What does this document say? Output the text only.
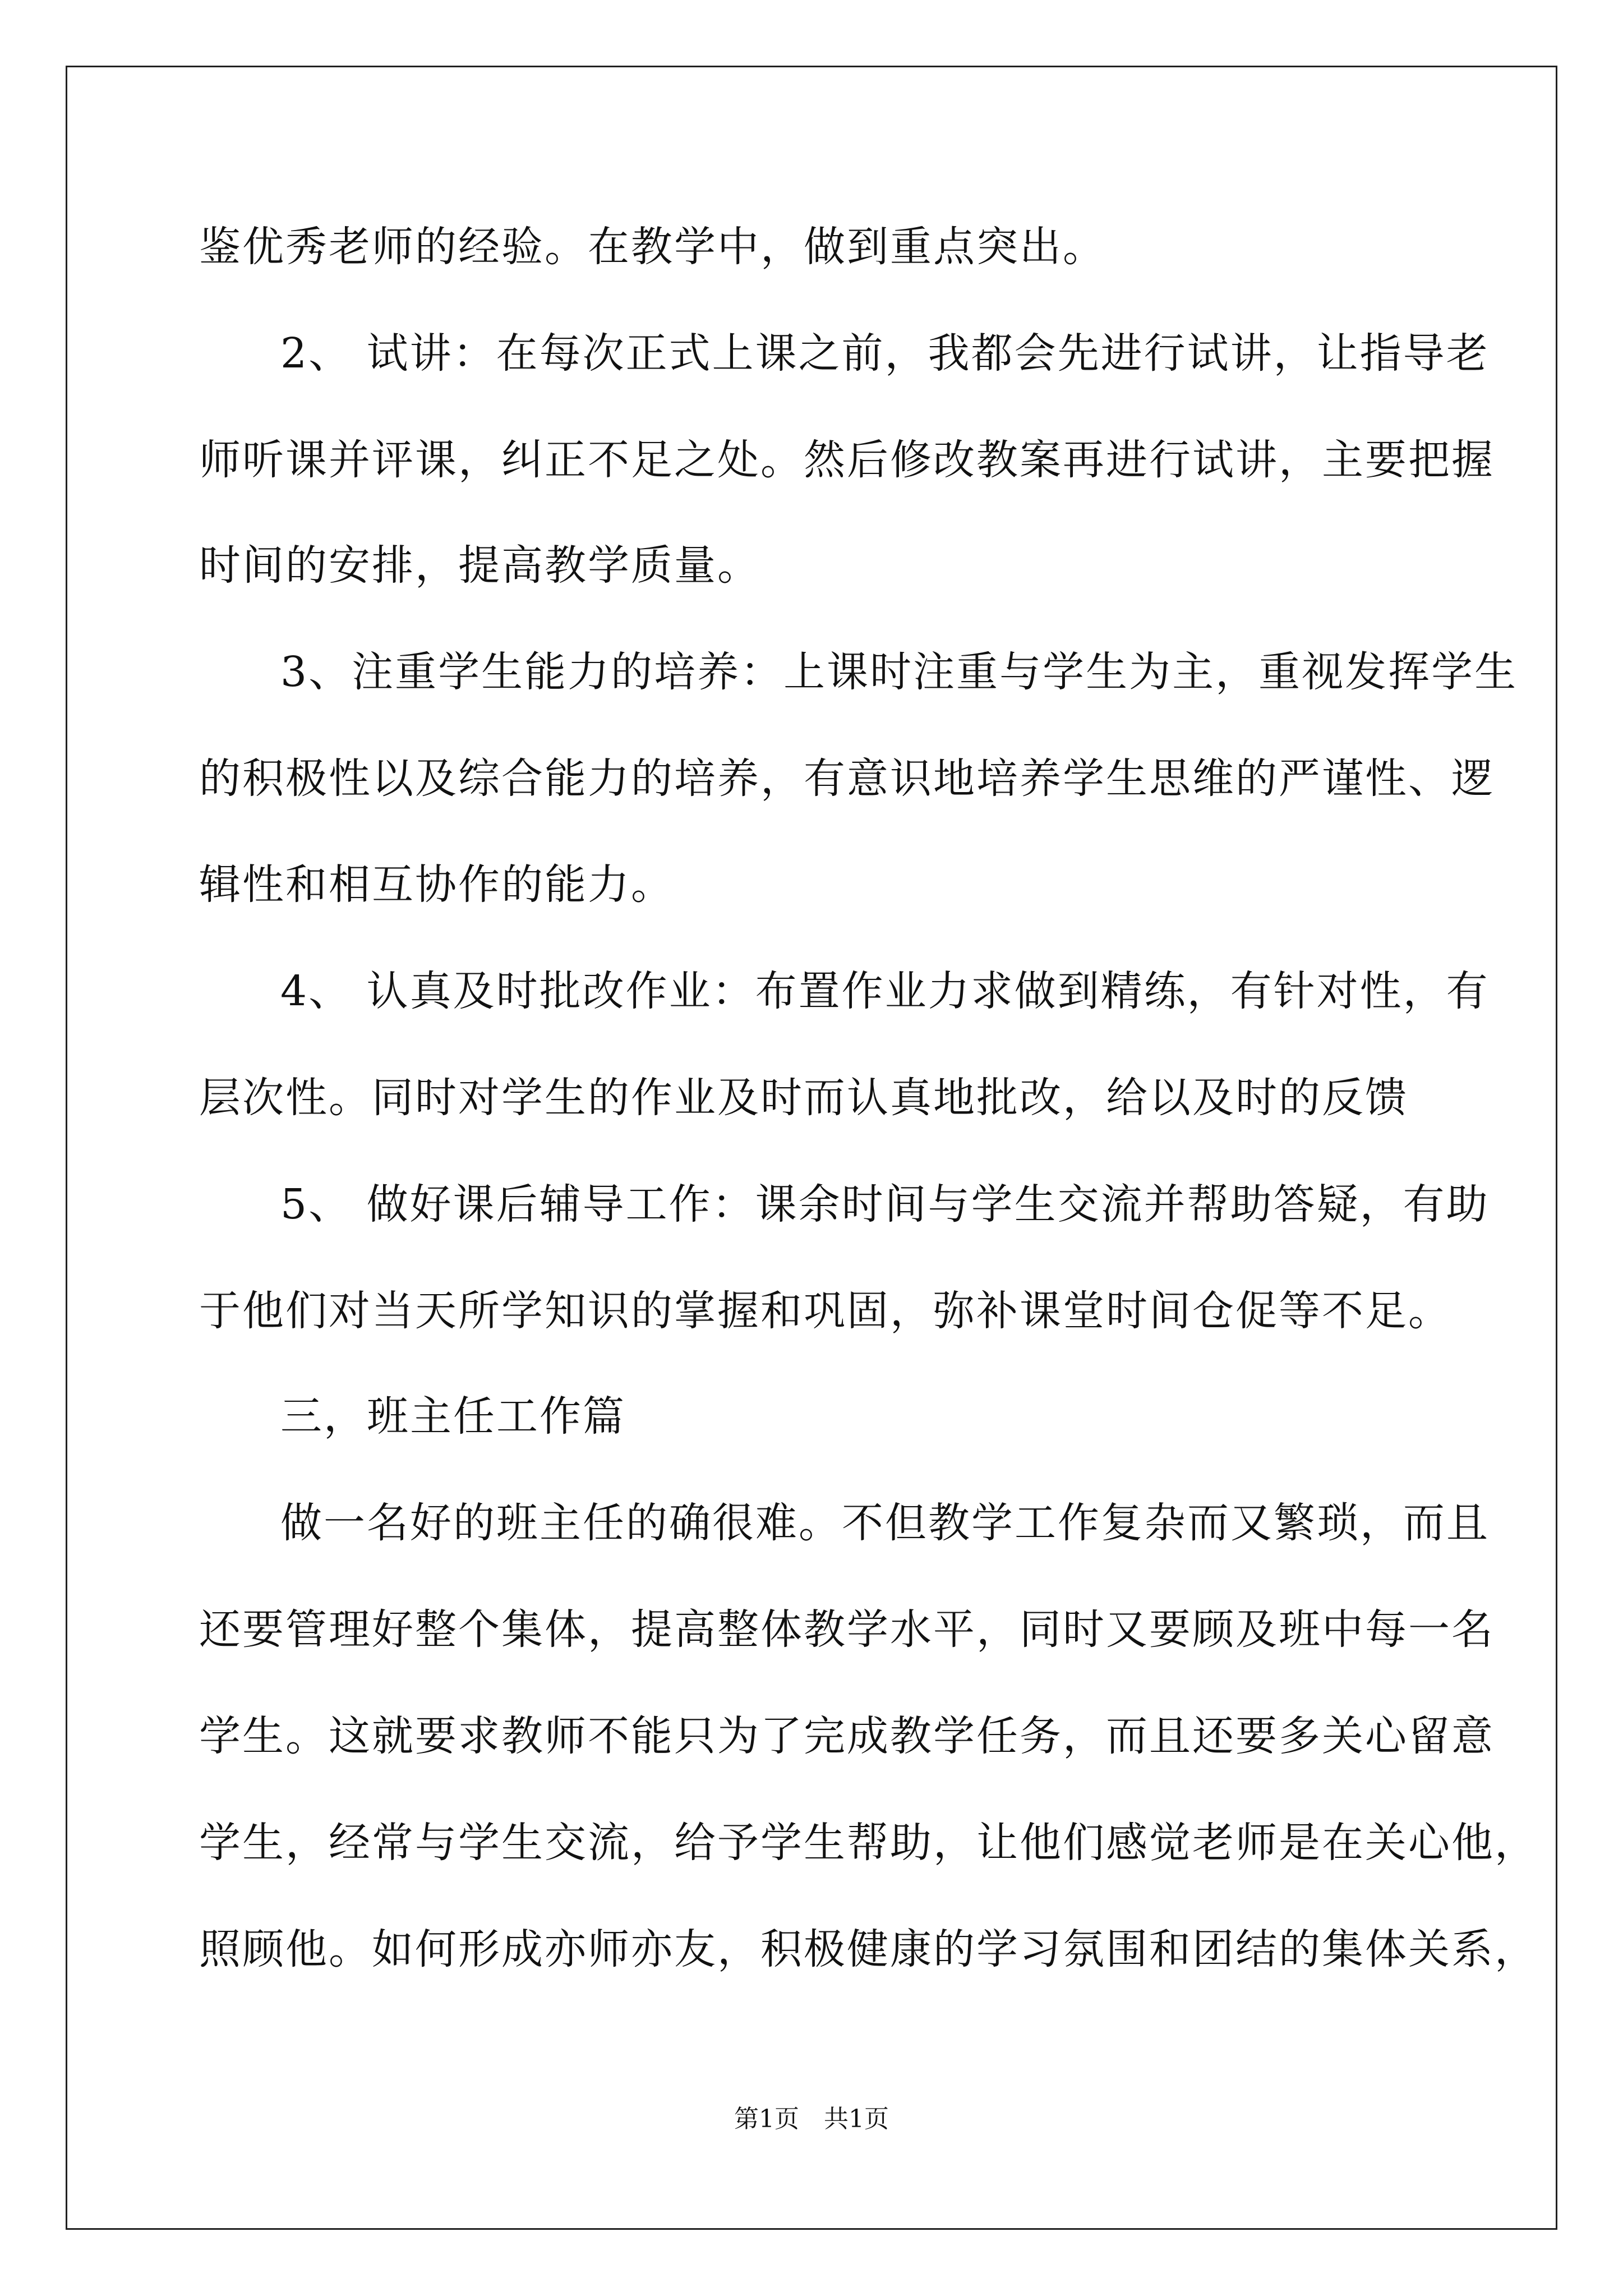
鉴优秀老师的经验。在教学中，做到重点突出。
2、 试讲：在每次正式上课之前，我都会先进行试讲，让指导老
师听课并评课，纠正不足之处。然后修改教案再进行试讲，主要把握
时间的安排，提高教学质量。
3、注重学生能力的培养：上课时注重与学生为主，重视发挥学生
的积极性以及综合能力的培养，有意识地培养学生思维的严谨性、逻
辑性和相互协作的能力。
4、 认真及时批改作业：布置作业力求做到精练，有针对性，有
层次性。同时对学生的作业及时而认真地批改，给以及时的反馈
5、 做好课后辅导工作：课余时间与学生交流并帮助答疑，有助
于他们对当天所学知识的掌握和巩固，弥补课堂时间仓促等不足。
三，班主任工作篇
做一名好的班主任的确很难。不但教学工作复杂而又繁琐，而且
还要管理好整个集体，提高整体教学水平，同时又要顾及班中每一名
学生。这就要求教师不能只为了完成教学任务，而且还要多关心留意
学生，经常与学生交流，给予学生帮助，让他们感觉老师是在关心他，
照顾他。如何形成亦师亦友，积极健康的学习氛围和团结的集体关系，
第1页　共1页
